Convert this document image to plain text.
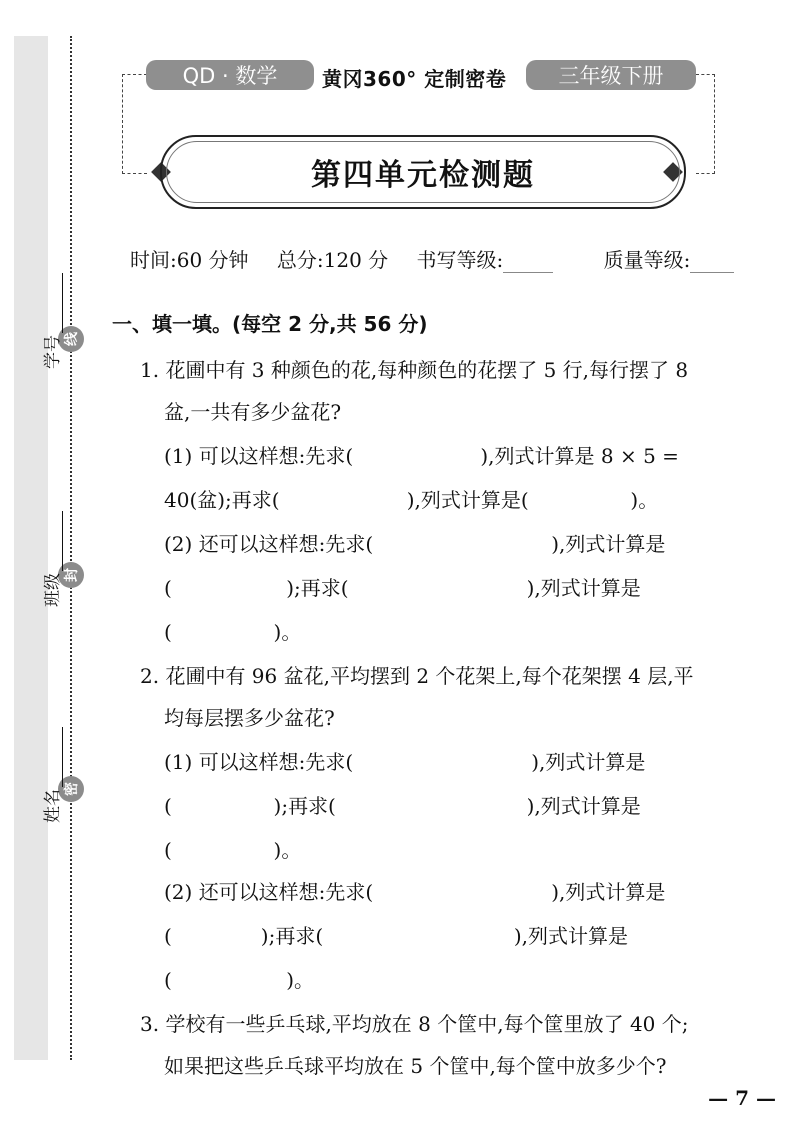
线
封
密
学号
班级
姓名
QD · 数学	黄冈360° 定制密卷	三年级下册
第四单元检测题
时间:60 分钟 总分:120 分 书写等级:	质量等级:
一、填一填。(每空 2 分,共 56 分)
1. 花圃中有 3 种颜色的花,每种颜色的花摆了 5 行,每行摆了 8
盆,一共有多少盆花?
(1) 可以这样想:先求(                    ),列式计算是 8 × 5 =
40(盆);再求(                    ),列式计算是(                )。
(2) 还可以这样想:先求(                            ),列式计算是
(                  );再求(                            ),列式计算是
(                )。
2. 花圃中有 96 盆花,平均摆到 2 个花架上,每个花架摆 4 层,平
均每层摆多少盆花?
(1) 可以这样想:先求(                            ),列式计算是
(                );再求(                              ),列式计算是
(                )。
(2) 还可以这样想:先求(                            ),列式计算是
(              );再求(                              ),列式计算是
(                  )。
3. 学校有一些乒乓球,平均放在 8 个筐中,每个筐里放了 40 个;
如果把这些乒乓球平均放在 5 个筐中,每个筐中放多少个?
— 7 —
